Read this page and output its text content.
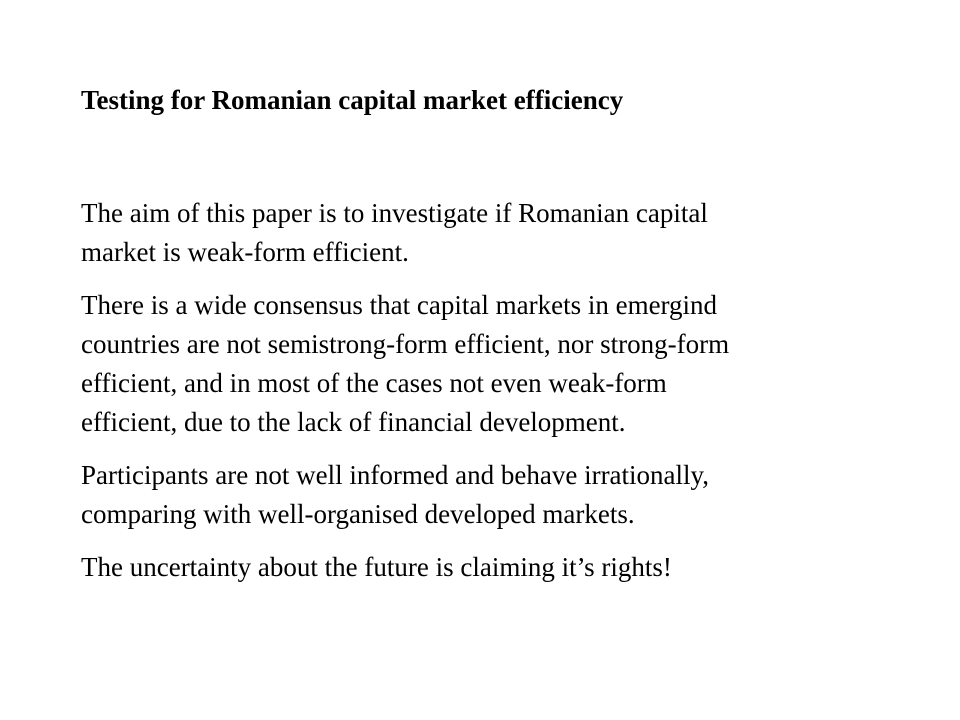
Testing for Romanian capital market efficiency

The aim of this paper is to investigate if Romanian capital
market is weak-form efficient.

There is a wide consensus that capital markets in emergind
countries are not semistrong-form efficient, nor strong-form
efficient, and in most of the cases not even weak-form
efficient, due to the lack of financial development.

Participants are not well informed and behave irrationally,
comparing with well-organised developed markets.

The uncertainty about the future is claiming it’s rights!
